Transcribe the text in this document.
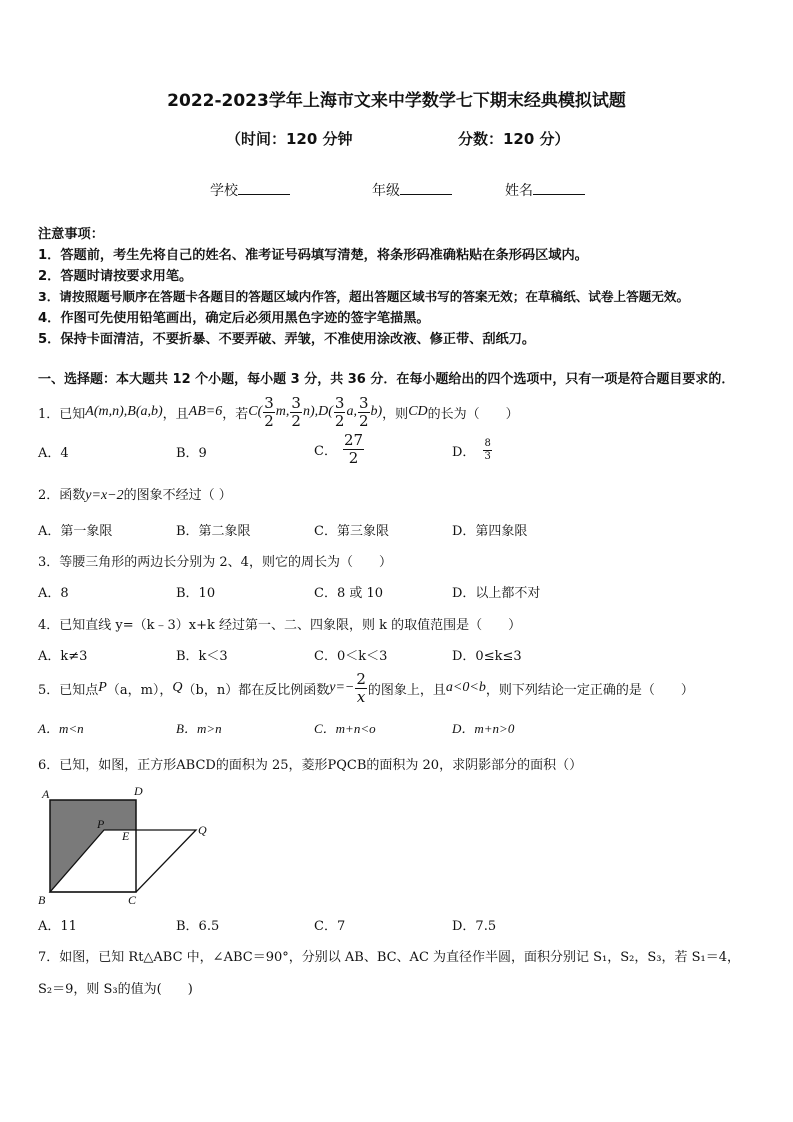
2022-2023学年上海市文来中学数学七下期末经典模拟试题
（时间：120 分钟	分数：120 分）
学校	年级	姓名
注意事项：
1．答题前，考生先将自己的姓名、准考证号码填写清楚，将条形码准确粘贴在条形码区域内。
2．答题时请按要求用笔。
3．请按照题号顺序在答题卡各题目的答题区域内作答，超出答题区域书写的答案无效；在草稿纸、试卷上答题无效。
4．作图可先使用铅笔画出，确定后必须用黑色字迹的签字笔描黑。
5．保持卡面清洁，不要折暴、不要弄破、弄皱，不准使用涂改液、修正带、刮纸刀。
一、选择题：本大题共 12 个小题，每小题 3 分，共 36 分．在每小题给出的四个选项中，只有一项是符合题目要求的．
1．已知 A(m,n),B(a,b) ，且 AB=6 ，若 $C( \frac{3}{2} m$, $\frac{3}{2} n),D( \frac{3}{2} a$, $\frac{3}{2} b$) ，则 CD 的长为（　　）
A．4	B．9	C． $\frac{27}{2}$	D． $\frac{8}{3}$
2．函数y=x−2的图象不经过（ ）
A．第一象限	B．第二象限	C．第三象限	D．第四象限
3．等腰三角形的两边长分别为 2、4，则它的周长为（　　）
A．8	B．10	C．8 或 10	D．以上都不对
4．已知直线 y=（k﹣3）x+k 经过第一、二、四象限，则 k 的取值范围是（　　）
A．k≠3	B．k＜3	C．0＜k＜3	D．0≤k≤3
5．已知点 P （a，m）， Q （b，n）都在反比例函数 $y=- \frac{2}{x}$ 的图象上，且 a<0<b ，则下列结论一定正确的是（　　）
A．m<n	B．m>n	C．m+n<o	D．m+n>0
6．已知，如图，正方形ABCD的面积为 25，菱形PQCB的面积为 20，求阴影部分的面积（）
A	D
P
E	Q
B	C
A．11	B．6.5	C．7	D．7.5
7．如图，已知 Rt△ABC 中，∠ABC＝90°，分别以 AB、BC、AC 为直径作半圆，面积分别记 S₁，S₂，S₃，若 S₁＝4，
S₂＝9，则 S₃的值为(　　)
